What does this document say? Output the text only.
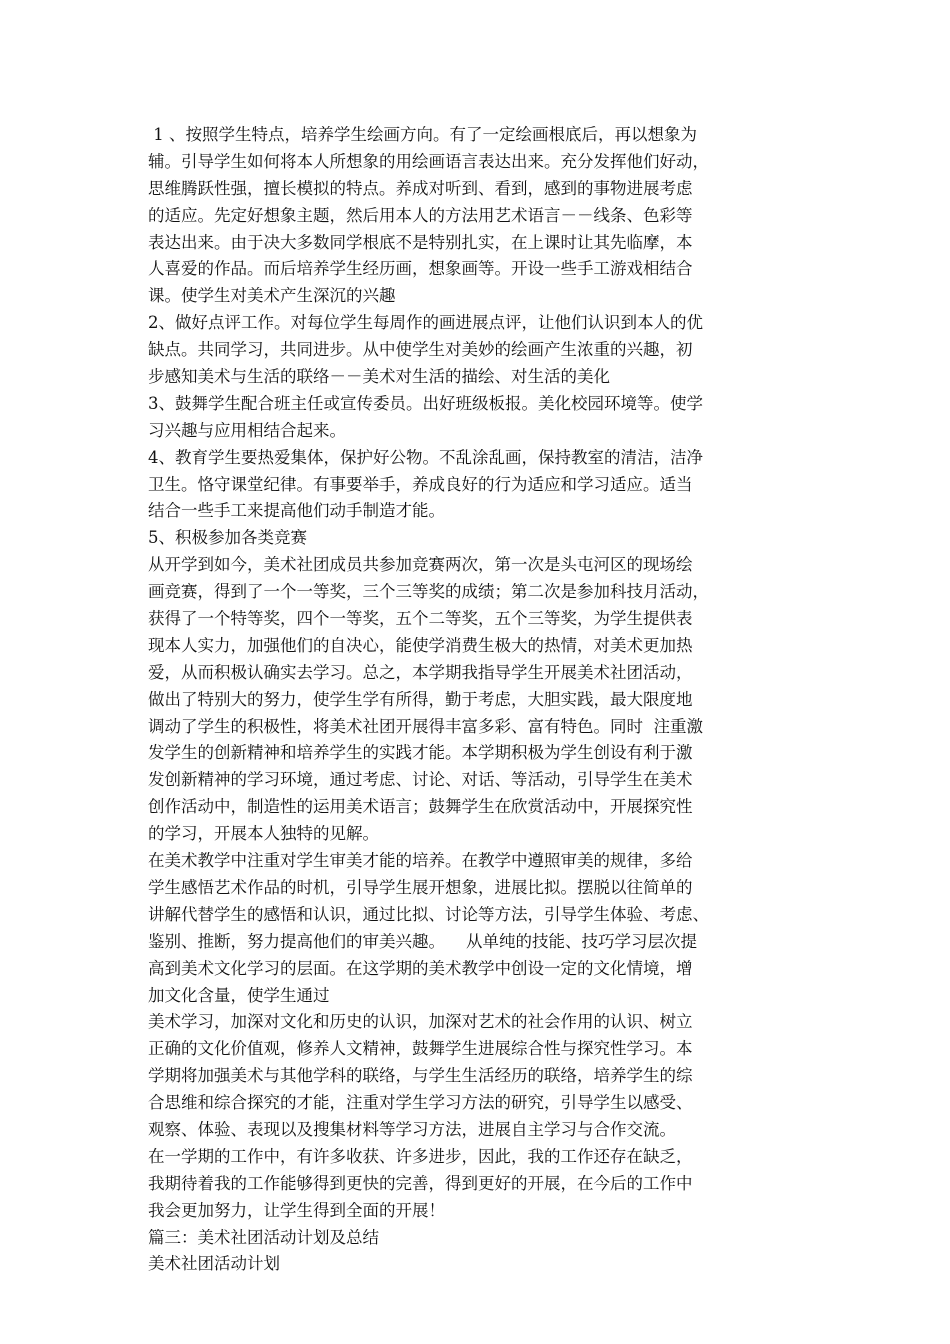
1 、按照学生特点，培养学生绘画方向。有了一定绘画根底后，再以想象为
辅。引导学生如何将本人所想象的用绘画语言表达出来。充分发挥他们好动，
思维腾跃性强，擅长模拟的特点。养成对听到、看到，感到的事物进展考虑
的适应。先定好想象主题，然后用本人的方法用艺术语言－－线条、色彩等
表达出来。由于决大多数同学根底不是特别扎实，在上课时让其先临摩，本
人喜爱的作品。而后培养学生经历画，想象画等。开设一些手工游戏相结合
课。使学生对美术产生深沉的兴趣
2、做好点评工作。对每位学生每周作的画进展点评，让他们认识到本人的优
缺点。共同学习，共同进步。从中使学生对美妙的绘画产生浓重的兴趣，初
步感知美术与生活的联络－－美术对生活的描绘、对生活的美化
3、鼓舞学生配合班主任或宣传委员。出好班级板报。美化校园环境等。使学
习兴趣与应用相结合起来。
4、教育学生要热爱集体，保护好公物。不乱涂乱画，保持教室的清洁，洁净
卫生。恪守课堂纪律。有事要举手，养成良好的行为适应和学习适应。适当
结合一些手工来提高他们动手制造才能。
5、积极参加各类竞赛
从开学到如今，美术社团成员共参加竞赛两次，第一次是头屯河区的现场绘
画竞赛，得到了一个一等奖，三个三等奖的成绩；第二次是参加科技月活动，
获得了一个特等奖，四个一等奖，五个二等奖，五个三等奖，为学生提供表
现本人实力，加强他们的自决心，能使学消费生极大的热情，对美术更加热
爱，从而积极认确实去学习。总之，本学期我指导学生开展美术社团活动，
做出了特别大的努力，使学生学有所得，勤于考虑，大胆实践，最大限度地
调动了学生的积极性，将美术社团开展得丰富多彩、富有特色。同时  注重激
发学生的创新精神和培养学生的实践才能。本学期积极为学生创设有利于激
发创新精神的学习环境，通过考虑、讨论、对话、等活动，引导学生在美术
创作活动中，制造性的运用美术语言；鼓舞学生在欣赏活动中，开展探究性
的学习，开展本人独特的见解。
在美术教学中注重对学生审美才能的培养。在教学中遵照审美的规律，多给
学生感悟艺术作品的时机，引导学生展开想象，进展比拟。摆脱以往简单的
讲解代替学生的感悟和认识，通过比拟、讨论等方法，引导学生体验、考虑、
鉴别、推断，努力提高他们的审美兴趣。    从单纯的技能、技巧学习层次提
高到美术文化学习的层面。在这学期的美术教学中创设一定的文化情境，增
加文化含量，使学生通过
美术学习，加深对文化和历史的认识，加深对艺术的社会作用的认识、树立
正确的文化价值观，修养人文精神，鼓舞学生进展综合性与探究性学习。本
学期将加强美术与其他学科的联络，与学生生活经历的联络，培养学生的综
合思维和综合探究的才能，注重对学生学习方法的研究，引导学生以感受、
观察、体验、表现以及搜集材料等学习方法，进展自主学习与合作交流。
在一学期的工作中，有许多收获、许多进步，因此，我的工作还存在缺乏，
我期待着我的工作能够得到更快的完善，得到更好的开展，在今后的工作中
我会更加努力，让学生得到全面的开展！
篇三：美术社团活动计划及总结
美术社团活动计划
